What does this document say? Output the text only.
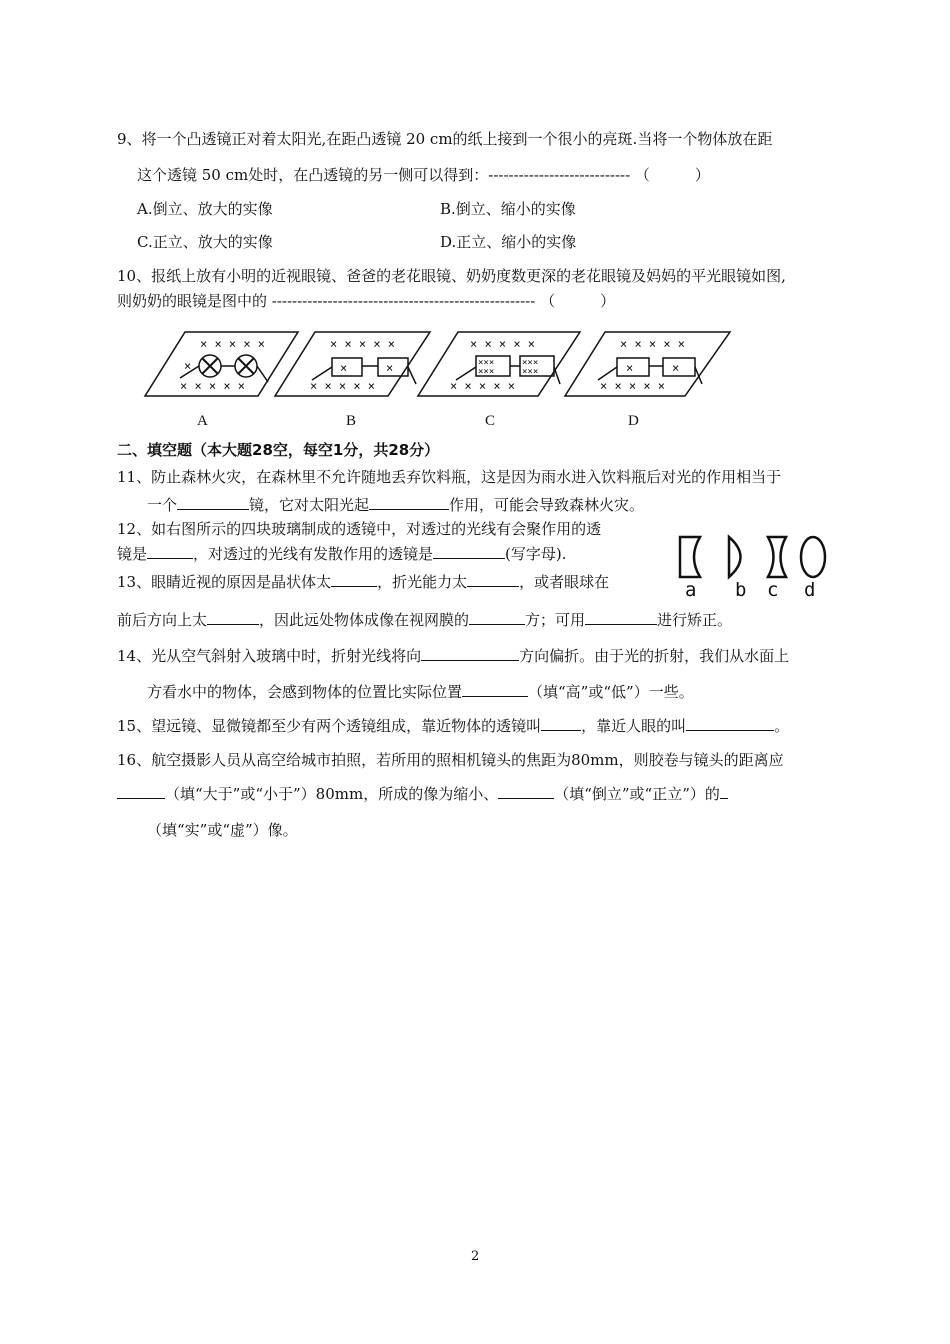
9、将一个凸透镜正对着太阳光,在距凸透镜 20 cm的纸上接到一个很小的亮斑.当将一个物体放在距
这个透镜 50 cm处时，在凸透镜的另一侧可以得到：---------------------------- （　　　）
A.倒立、放大的实像	B.倒立、缩小的实像
C.正立、放大的实像	D.正立、缩小的实像
10、报纸上放有小明的近视眼镜、爸爸的老花眼镜、奶奶度数更深的老花眼镜及妈妈的平光眼镜如图,
则奶奶的眼镜是图中的 ---------------------------------------------------- （　　　）
× × × × ×
× × × × ×
×
× × × × ×
× × × × ×
×	×
× × × × ×
× × × × ×
×××
×××
×××
×××
× × × × ×
× × × × ×
×	×
A	B	C	D
二、填空题（本大题28空，每空1分，共28分）
11、防止森林火灾，在森林里不允许随地丢弃饮料瓶，这是因为雨水进入饮料瓶后对光的作用相当于
一个	镜，它对太阳光起	作用，可能会导致森林火灾。
12、如右图所示的四块玻璃制成的透镜中，对透过的光线有会聚作用的透
镜是	，对透过的光线有发散作用的透镜是	(写字母).
a b c d
13、眼睛近视的原因是晶状体太	，折光能力太	，或者眼球在
前后方向上太	，因此远处物体成像在视网膜的	方；可用	进行矫正。
14、光从空气斜射入玻璃中时，折射光线将向	方向偏折。由于光的折射，我们从水面上
方看水中的物体，会感到物体的位置比实际位置	（填“高”或“低”）一些。
15、望远镜、显微镜都至少有两个透镜组成，靠近物体的透镜叫	，靠近人眼的叫	。
16、航空摄影人员从高空给城市拍照，若所用的照相机镜头的焦距为80mm，则胶卷与镜头的距离应
（填“大于”或“小于”）80mm，所成的像为缩小、	（填“倒立”或“正立”）的
（填“实”或“虚”）像。
2
